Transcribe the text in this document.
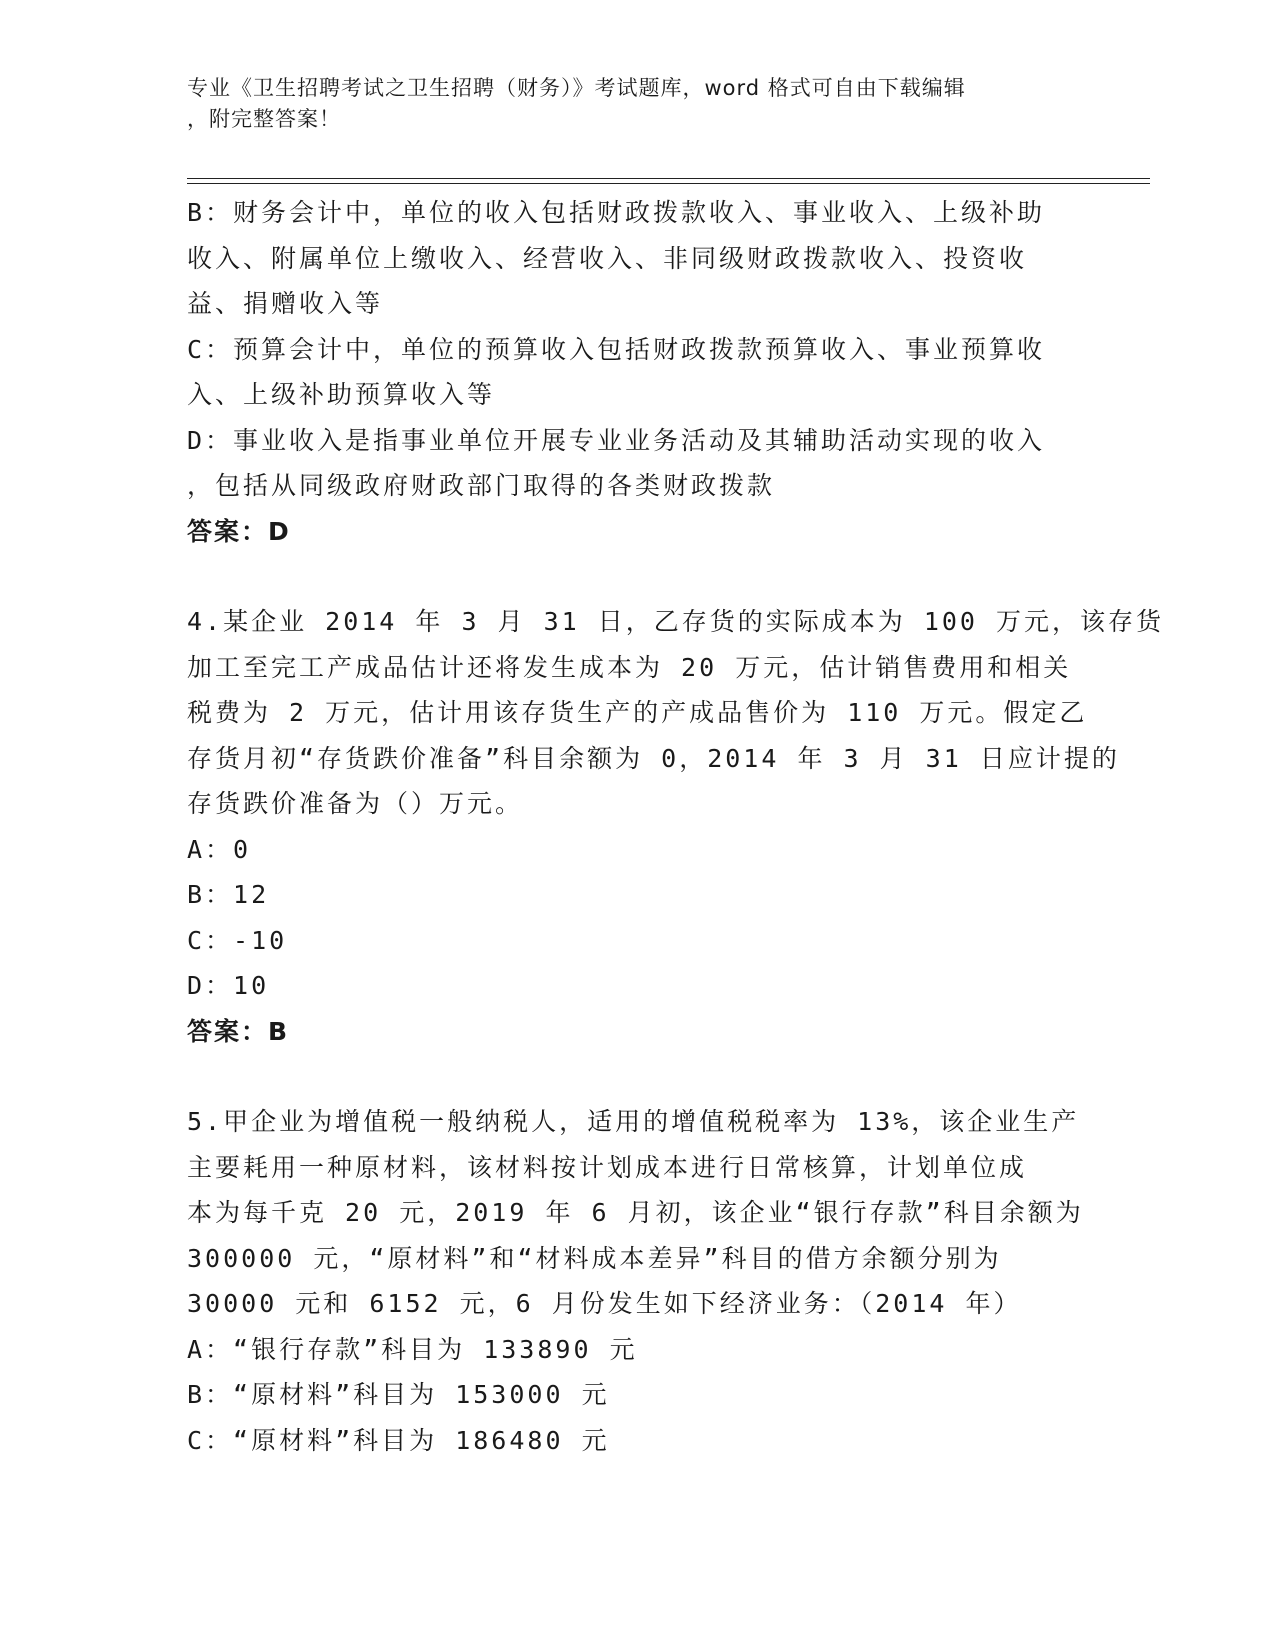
专业《卫生招聘考试之卫生招聘（财务）》考试题库，word 格式可自由下载编辑
，附完整答案！
B：财务会计中，单位的收入包括财政拨款收入、事业收入、上级补助
收入、附属单位上缴收入、经营收入、非同级财政拨款收入、投资收
益、捐赠收入等
C：预算会计中，单位的预算收入包括财政拨款预算收入、事业预算收
入、上级补助预算收入等
D：事业收入是指事业单位开展专业业务活动及其辅助活动实现的收入
，包括从同级政府财政部门取得的各类财政拨款
答案：D
4.某企业 2014 年 3 月 31 日，乙存货的实际成本为 100 万元，该存货
加工至完工产成品估计还将发生成本为 20 万元，估计销售费用和相关
税费为 2 万元，估计用该存货生产的产成品售价为 110 万元。假定乙
存货月初“存货跌价准备”科目余额为 0，2014 年 3 月 31 日应计提的
存货跌价准备为（）万元。
A：0
B：12
C：-10
D：10
答案：B
5.甲企业为增值税一般纳税人，适用的增值税税率为 13%，该企业生产
主要耗用一种原材料，该材料按计划成本进行日常核算，计划单位成
本为每千克 20 元，2019 年 6 月初，该企业“银行存款”科目余额为
300000 元，“原材料”和“材料成本差异”科目的借方余额分别为
30000 元和 6152 元，6 月份发生如下经济业务：（2014 年）
A：“银行存款”科目为 133890 元
B：“原材料”科目为 153000 元
C：“原材料”科目为 186480 元
